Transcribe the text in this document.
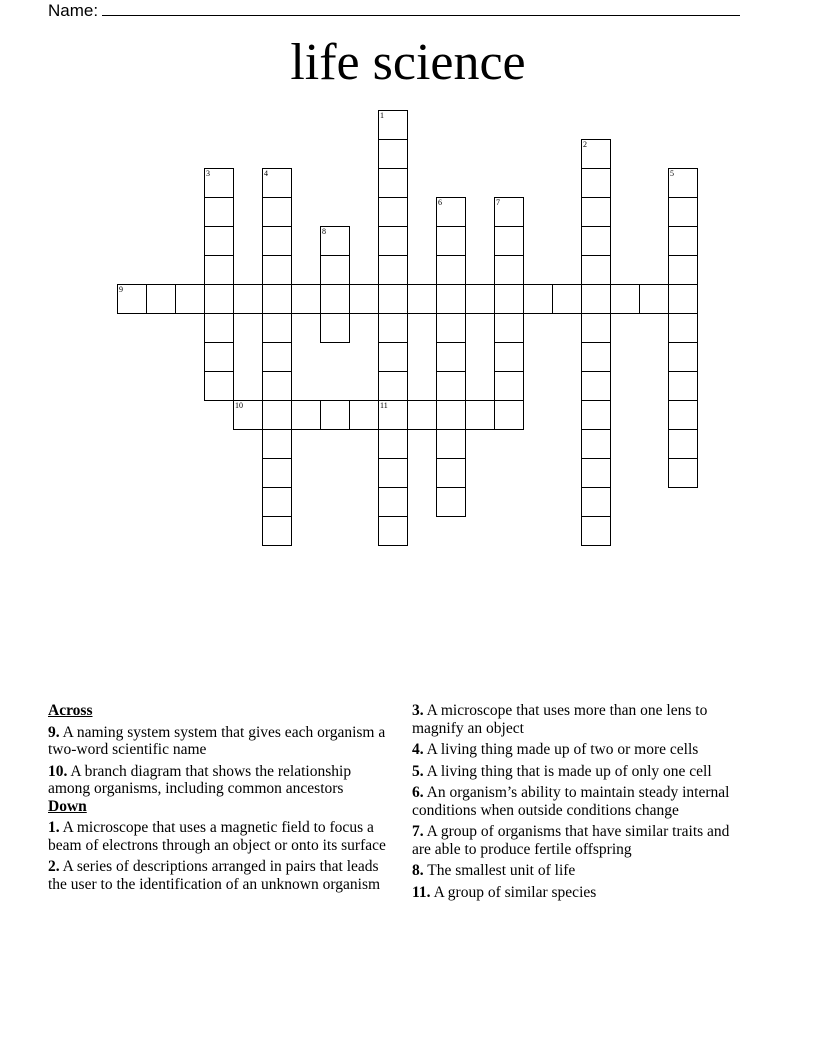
Name:
life science
1
11
2
3	4	5
6	7
8
9
10
Across
9. A naming system system that gives each organism a two-word scientific name
10. A branch diagram that shows the relationship among organisms, including common ancestors
Down
1. A microscope that uses a magnetic field to focus a beam of electrons through an object or onto its surface
2. A series of descriptions arranged in pairs that leads the user to the identification of an unknown organism
3. A microscope that uses more than one lens to magnify an object
4. A living thing made up of two or more cells
5. A living thing that is made up of only one cell
6. An organism’s ability to maintain steady internal conditions when outside conditions change
7. A group of organisms that have similar traits and are able to produce fertile offspring
8. The smallest unit of life
11. A group of similar species
